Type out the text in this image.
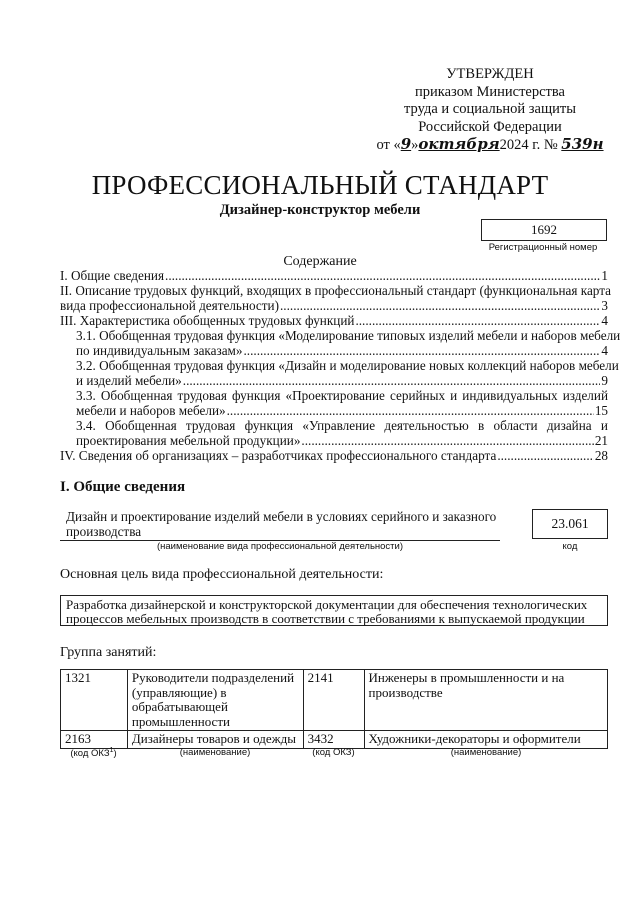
УТВЕРЖДЕН
приказом Министерства
труда и социальной защиты
Российской Федерации
от «9»октября2024 г. № 539н
ПРОФЕССИОНАЛЬНЫЙ СТАНДАРТ
Дизайнер-конструктор мебели
1692
Регистрационный номер
Содержание
I. Общие сведения .....	1
II. Описание трудовых функций, входящих в профессиональный стандарт (функциональная карта
вида профессиональной деятельности) .....	3
III. Характеристика обобщенных трудовых функций .....	4
3.1. Обобщенная трудовая функция «Моделирование типовых изделий мебели и наборов мебели
по индивидуальным заказам» .....	4
3.2. Обобщенная трудовая функция «Дизайн и моделирование новых коллекций наборов мебели
и изделий мебели» .....	9
3.3. Обобщенная трудовая функция «Проектирование серийных и индивидуальных изделий
мебели и наборов мебели» .....	15
3.4. Обобщенная трудовая функция «Управление деятельностью в области дизайна и
проектирования мебельной продукции» .....	21
IV. Сведения об организациях – разработчиках профессионального стандарта .....	28
I. Общие сведения
Дизайн и проектирование изделий мебели в условиях серийного и заказного производства
(наименование вида профессиональной деятельности)
23.061
код
Основная цель вида профессиональной деятельности:
Разработка дизайнерской и конструкторской документации для обеспечения технологических процессов мебельных производств в соответствии с требованиями к выпускаемой продукции
Группа занятий:
1321	Руководители подразделений (управляющие) в обрабатывающей промышленности	2141	Инженеры в промышленности и на производстве
2163	Дизайнеры товаров и одежды	3432	Художники-декораторы и оформители
(код ОКЗ$^1$)	(наименование)	(код ОКЗ)	(наименование)
